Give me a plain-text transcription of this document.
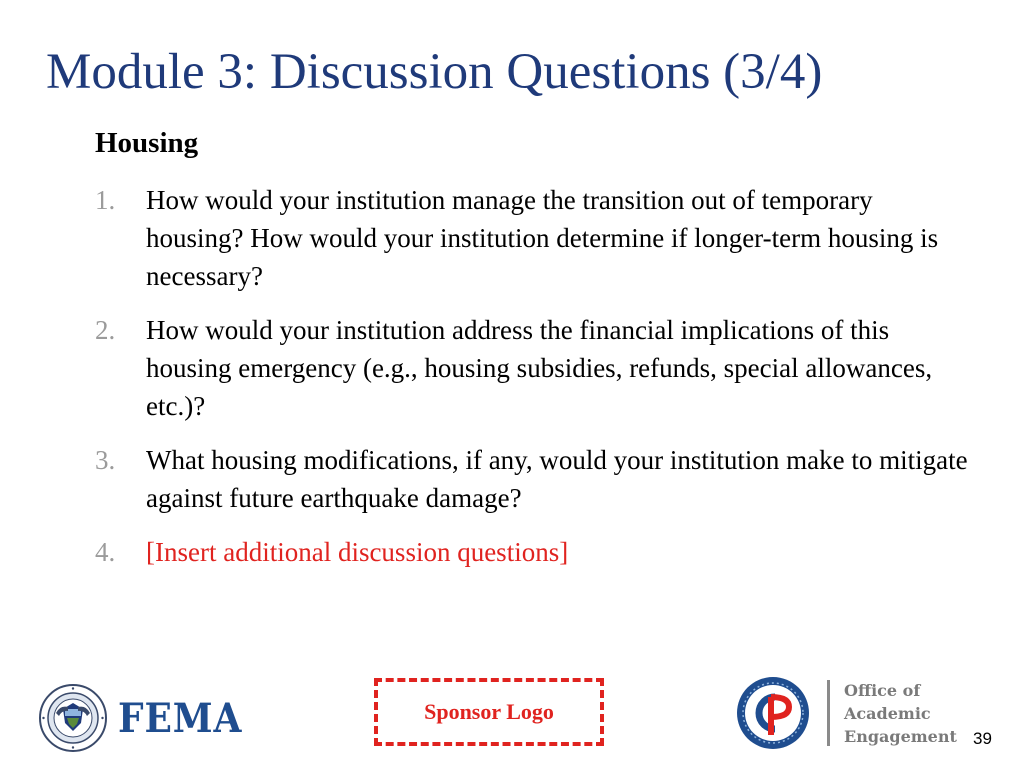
Module 3: Discussion Questions (3/4)
Housing
1.	How would your institution manage the transition out of temporary housing? How would your institution determine if longer-term housing is necessary?
2.	How would your institution address the financial implications of this housing emergency (e.g., housing subsidies, refunds, special allowances, etc.)?
3.	What housing modifications, if any, would your institution make to mitigate against future earthquake damage?
4.	[Insert additional discussion questions]
FEMA	Sponsor Logo
Office of
Academic
Engagement 39
